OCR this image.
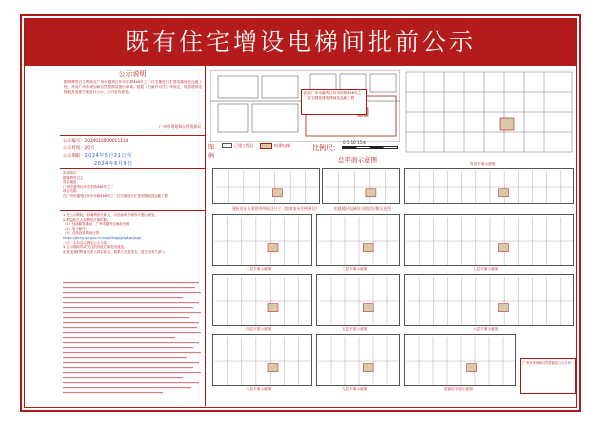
既有住宅增设电梯间批前公示
公示说明
据林辉等自主利用在广州市越秀区环市东路446号之二住宅楼进行扩建电梯间及连廊工程，并向广州市规划和自然资源局提出申请。根据《行政许可法》等规定，现将增设电梯间及连廊方案进行公示，公开征询意见。
广州市规划和自然资源局
公示编号：2024010000015114
公示时间：20天
公示期限：2024年5月21日至
2024年6月9日

申请单位：

据林辉等自主

项目地址：

广州市越秀区环市东路446号之二

项目名称：

在广州市越秀区环市东路446号之二住宅楼进行扩建电梯间及连廊工程

1.在公示期间，如属利害关系人，以信函或书面形式提出意见。

2.利益相关人权利的法律依据。

（1）信函邮寄地址：广州市越秀区解放北路

（2）电子邮件：

（3）在线登录系统反馈

https://ghzyj.gz.gov.cn/xxgk/tzgg/ghgkgs/jzgs/

（注：本信息以网站公示为准）

3.公示期间内或关注的其他方面提出意见。

4.意见须附利害关系人真实姓名、联系方式及签名，提交至有关部门。

拟在广州市越秀区环市东路446号之二住宅楼加建电梯间及连廊工程
图
例
已建工程区	拟建电梯	比例尺:
0 5 10 15米
总平面示意图	首层平面示意图
建筑设计方案图中所标注尺寸（如本表未注明单位）	拟建楼层电梯设计阶段层数示意图
二层平面示意图	三层平面示意图	七层平面示意图
四层平面示意图	五层平面示意图	六层平面示意图
八层平面示意图	九层平面示意图	屋面层平面示意图
广州市规划和自然资源局公示专用
